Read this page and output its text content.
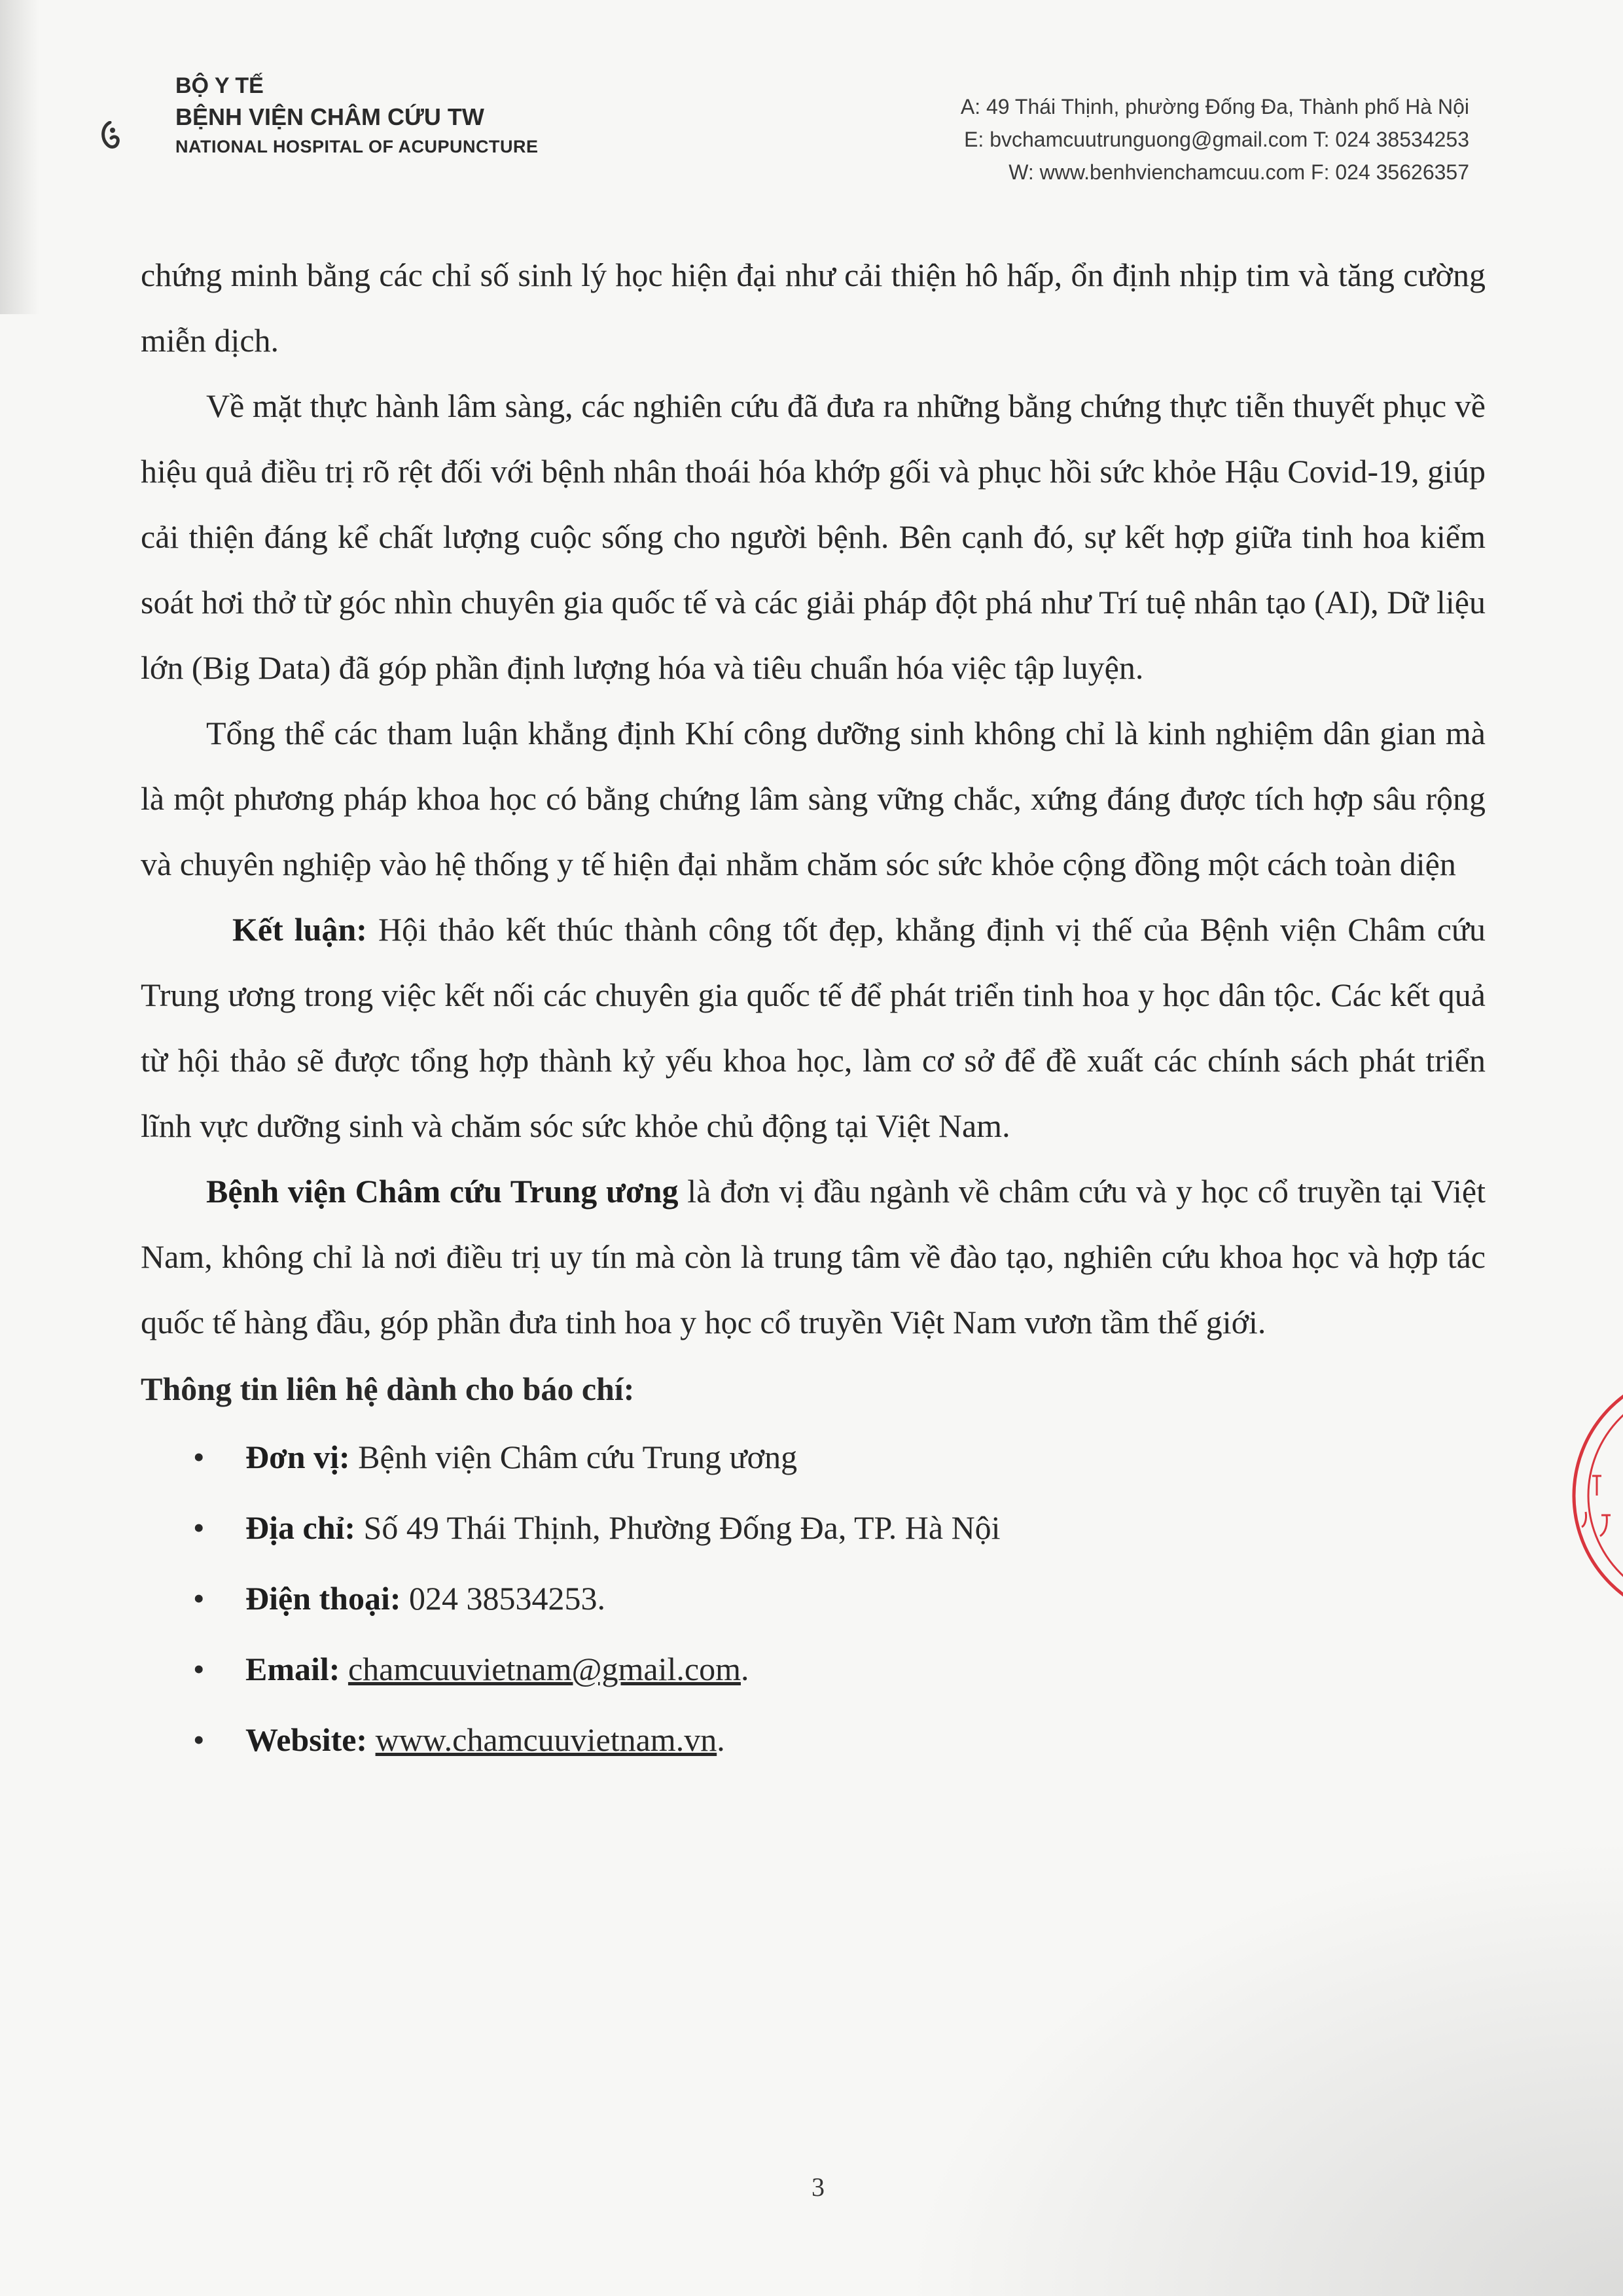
BỘ Y TẾ
BỆNH VIỆN CHÂM CỨU TW
NATIONAL HOSPITAL OF ACUPUNCTURE
A: 49 Thái Thịnh, phường Đống Đa, Thành phố Hà Nội
E: bvchamcuutrunguong@gmail.com T: 024 38534253
W: www.benhvienchamcuu.com F: 024 35626357

chứng minh bằng các chỉ số sinh lý học hiện đại như cải thiện hô hấp, ổn định nhịp tim và tăng cường miễn dịch.

Về mặt thực hành lâm sàng, các nghiên cứu đã đưa ra những bằng chứng thực tiễn thuyết phục về hiệu quả điều trị rõ rệt đối với bệnh nhân thoái hóa khớp gối và phục hồi sức khỏe Hậu Covid-19, giúp cải thiện đáng kể chất lượng cuộc sống cho người bệnh. Bên cạnh đó, sự kết hợp giữa tinh hoa kiểm soát hơi thở từ góc nhìn chuyên gia quốc tế và các giải pháp đột phá như Trí tuệ nhân tạo (AI), Dữ liệu lớn (Big Data) đã góp phần định lượng hóa và tiêu chuẩn hóa việc tập luyện.

Tổng thể các tham luận khẳng định Khí công dưỡng sinh không chỉ là kinh nghiệm dân gian mà là một phương pháp khoa học có bằng chứng lâm sàng vững chắc, xứng đáng được tích hợp sâu rộng và chuyên nghiệp vào hệ thống y tế hiện đại nhằm chăm sóc sức khỏe cộng đồng một cách toàn diện

Kết luận: Hội thảo kết thúc thành công tốt đẹp, khẳng định vị thế của Bệnh viện Châm cứu Trung ương trong việc kết nối các chuyên gia quốc tế để phát triển tinh hoa y học dân tộc. Các kết quả từ hội thảo sẽ được tổng hợp thành kỷ yếu khoa học, làm cơ sở để đề xuất các chính sách phát triển lĩnh vực dưỡng sinh và chăm sóc sức khỏe chủ động tại Việt Nam.

Bệnh viện Châm cứu Trung ương là đơn vị đầu ngành về châm cứu và y học cổ truyền tại Việt Nam, không chỉ là nơi điều trị uy tín mà còn là trung tâm về đào tạo, nghiên cứu khoa học và hợp tác quốc tế hàng đầu, góp phần đưa tinh hoa y học cổ truyền Việt Nam vươn tầm thế giới.

Thông tin liên hệ dành cho báo chí:
• Đơn vị: Bệnh viện Châm cứu Trung ương
• Địa chỉ: Số 49 Thái Thịnh, Phường Đống Đa, TP. Hà Nội
• Điện thoại: 024 38534253.
• Email: chamcuuvietnam@gmail.com.
• Website: www.chamcuuvietnam.vn.
3
